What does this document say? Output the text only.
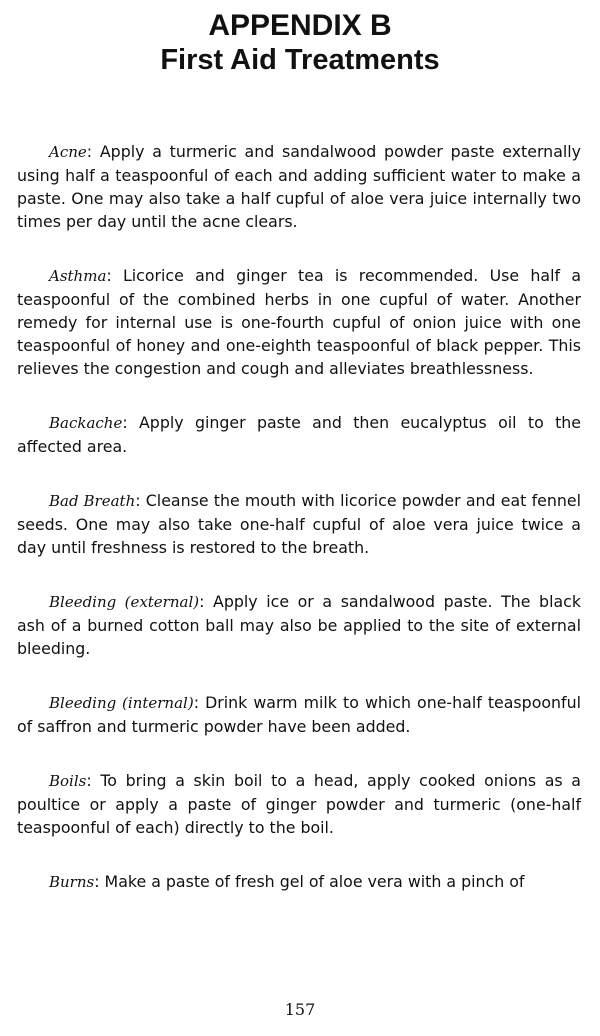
APPENDIX B
First Aid Treatments

Acne: Apply a turmeric and sandalwood powder paste externally using half a teaspoonful of each and adding sufficient water to make a paste. One may also take a half cupful of aloe vera juice internally two times per day until the acne clears.

Asthma: Licorice and ginger tea is recommended. Use half a teaspoonful of the combined herbs in one cupful of water. Another remedy for internal use is one-fourth cupful of onion juice with one teaspoonful of honey and one-eighth teaspoonful of black pepper. This relieves the congestion and cough and alleviates breathlessness.

Backache: Apply ginger paste and then eucalyptus oil to the affected area.

Bad Breath: Cleanse the mouth with licorice powder and eat fennel seeds. One may also take one-half cupful of aloe vera juice twice a day until freshness is restored to the breath.

Bleeding (external): Apply ice or a sandalwood paste. The black ash of a burned cotton ball may also be applied to the site of external bleeding.

Bleeding (internal): Drink warm milk to which one-half teaspoonful of saffron and turmeric powder have been added.

Boils: To bring a skin boil to a head, apply cooked onions as a poultice or apply a paste of ginger powder and turmeric (one-half teaspoonful of each) directly to the boil.

Burns: Make a paste of fresh gel of aloe vera with a pinch of

157
